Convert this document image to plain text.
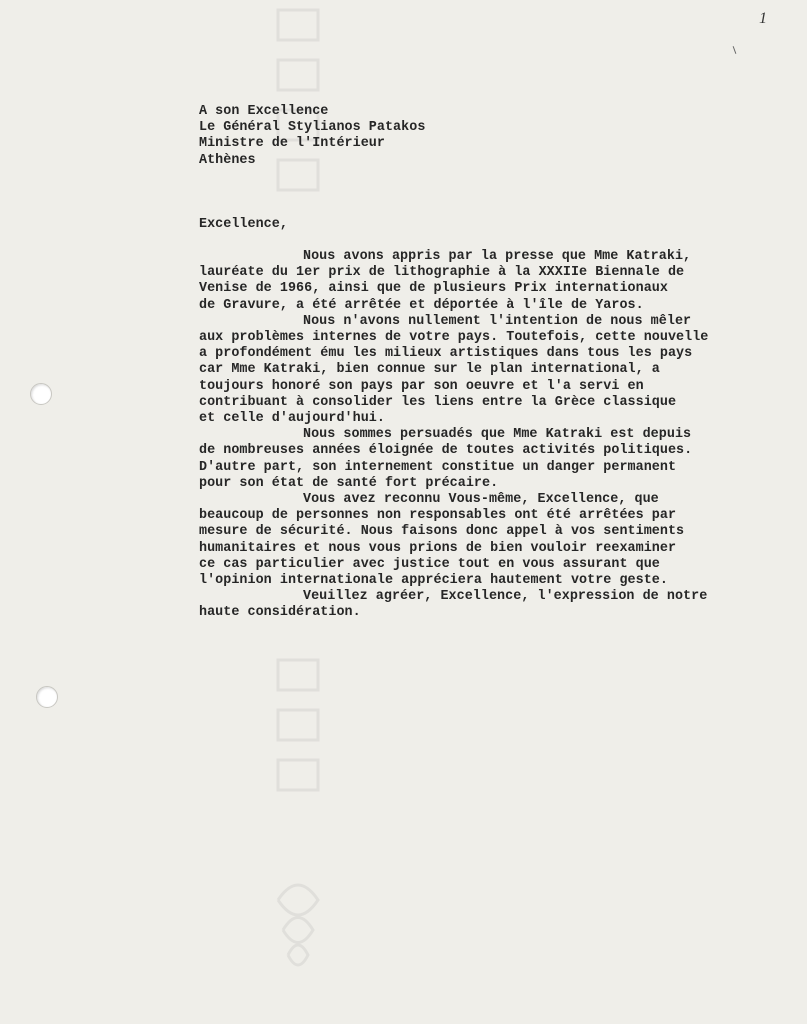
1
A son Excellence
Le Général Stylianos Patakos
Ministre de l'Intérieur
Athènes
Excellence,
Nous avons appris par la presse que Mme Katraki,
lauréate du 1er prix de lithographie à la XXXIIe Biennale de
Venise de 1966, ainsi que de plusieurs Prix internationaux
de Gravure, a été arrêtée et déportée à l'île de Yaros.
Nous n'avons nullement l'intention de nous mêler
aux problèmes internes de votre pays. Toutefois, cette nouvelle
a profondément ému les milieux artistiques dans tous les pays
car Mme Katraki, bien connue sur le plan international, a
toujours honoré son pays par son oeuvre et l'a servi en
contribuant à consolider les liens entre la Grèce classique
et celle d'aujourd'hui.
Nous sommes persuadés que Mme Katraki est depuis
de nombreuses années éloignée de toutes activités politiques.
D'autre part, son internement constitue un danger permanent
pour son état de santé fort précaire.
Vous avez reconnu Vous-même, Excellence, que
beaucoup de personnes non responsables ont été arrêtées par
mesure de sécurité. Nous faisons donc appel à vos sentiments
humanitaires et nous vous prions de bien vouloir reexaminer
ce cas particulier avec justice tout en vous assurant que
l'opinion internationale appréciera hautement votre geste.
Veuillez agréer, Excellence, l'expression de notre
haute considération.
